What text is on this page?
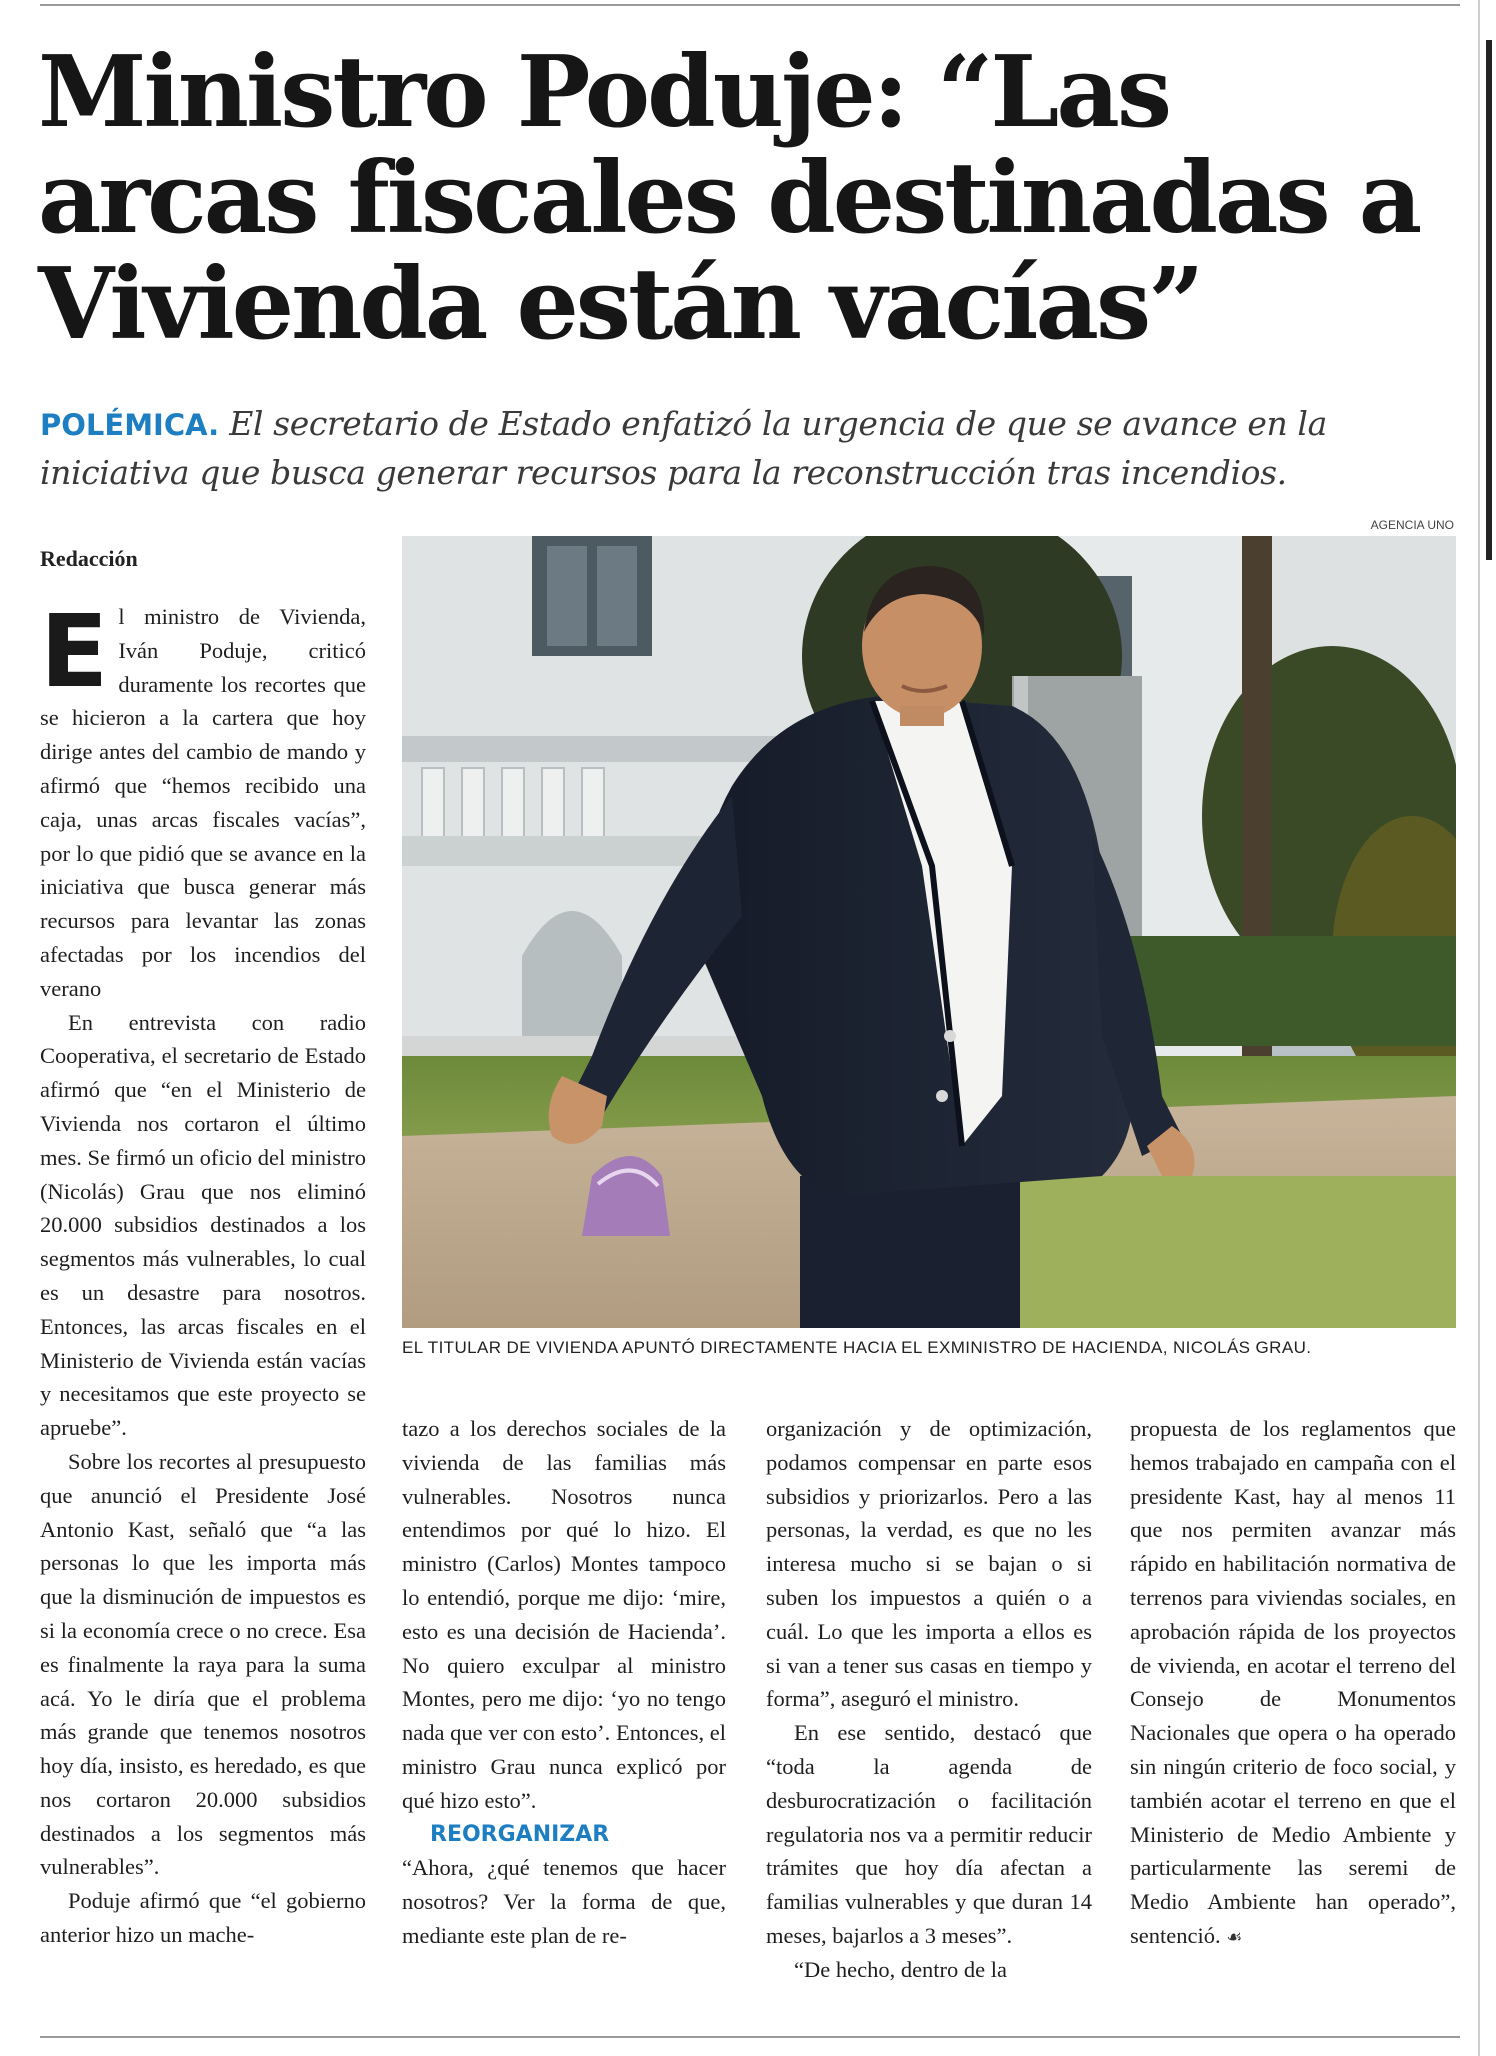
Ministro Poduje: “Las arcas fiscales destinadas a Vivienda están vacías”

POLÉMICA. El secretario de Estado enfatizó la urgencia de que se avance en la iniciativa que busca generar recursos para la reconstrucción tras incendios.

AGENCIA UNO
EL TITULAR DE VIVIENDA APUNTÓ DIRECTAMENTE HACIA EL EXMINISTRO DE HACIENDA, NICOLÁS GRAU.
Redacción

El ministro de Vivienda, Iván Poduje, criticó duramente los recortes que se hicieron a la cartera que hoy dirige antes del cambio de mando y afirmó que “hemos recibido una caja, unas arcas fiscales vacías”, por lo que pidió que se avance en la iniciativa que busca generar más recursos para levantar las zonas afectadas por los incendios del verano

En entrevista con radio Cooperativa, el secretario de Estado afirmó que “en el Ministerio de Vivienda nos cortaron el último mes. Se firmó un oficio del ministro (Nicolás) Grau que nos eliminó 20.000 subsidios destinados a los segmentos más vulnerables, lo cual es un desastre para nosotros. Entonces, las arcas fiscales en el Ministerio de Vivienda están vacías y necesitamos que este proyecto se apruebe”.

Sobre los recortes al presupuesto que anunció el Presidente José Antonio Kast, señaló que “a las personas lo que les importa más que la disminución de impuestos es si la economía crece o no crece. Esa es finalmente la raya para la suma acá. Yo le diría que el problema más grande que tenemos nosotros hoy día, insisto, es heredado, es que nos cortaron 20.000 subsidios destinados a los segmentos más vulnerables”.

Poduje afirmó que “el gobierno anterior hizo un mache-

tazo a los derechos sociales de la vivienda de las familias más vulnerables. Nosotros nunca entendimos por qué lo hizo. El ministro (Carlos) Montes tampoco lo entendió, porque me dijo: ‘mire, esto es una decisión de Hacienda’. No quiero exculpar al ministro Montes, pero me dijo: ‘yo no tengo nada que ver con esto’. Entonces, el ministro Grau nunca explicó por qué hizo esto”.

REORGANIZAR

“Ahora, ¿qué tenemos que hacer nosotros? Ver la forma de que, mediante este plan de re-

organización y de optimización, podamos compensar en parte esos subsidios y priorizarlos. Pero a las personas, la verdad, es que no les interesa mucho si se bajan o si suben los impuestos a quién o a cuál. Lo que les importa a ellos es si van a tener sus casas en tiempo y forma”, aseguró el ministro.

En ese sentido, destacó que “toda la agenda de desburocratización o facilitación regulatoria nos va a permitir reducir trámites que hoy día afectan a familias vulnerables y que duran 14 meses, bajarlos a 3 meses”.

“De hecho, dentro de la

propuesta de los reglamentos que hemos trabajado en campaña con el presidente Kast, hay al menos 11 que nos permiten avanzar más rápido en habilitación normativa de terrenos para viviendas sociales, en aprobación rápida de los proyectos de vivienda, en acotar el terreno del Consejo de Monumentos Nacionales que opera o ha operado sin ningún criterio de foco social, y también acotar el terreno en que el Ministerio de Medio Ambiente y particularmente las seremi de Medio Ambiente han operado”, sentenció. ☙
